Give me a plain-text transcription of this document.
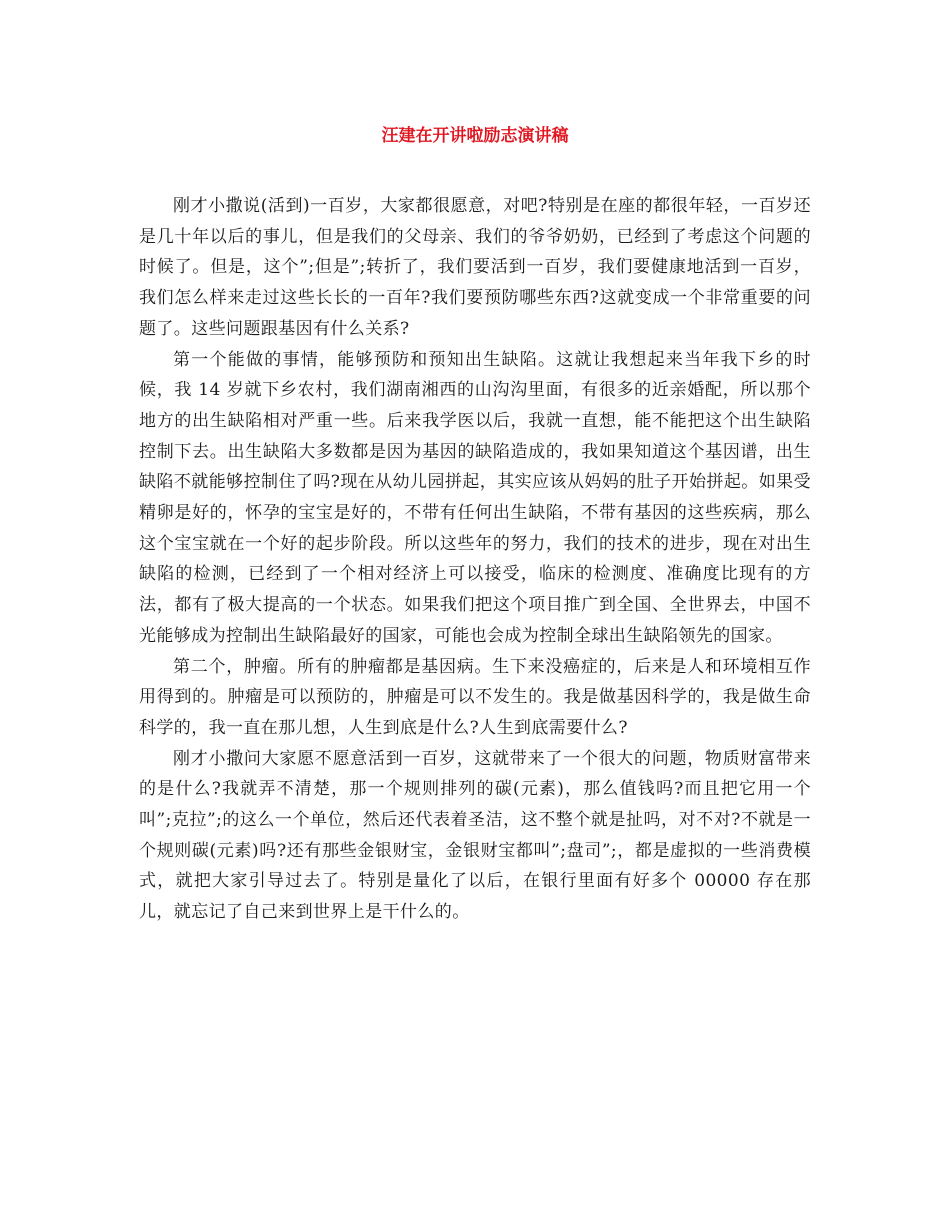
汪建在开讲啦励志演讲稿

刚才小撒说(活到)一百岁，大家都很愿意，对吧?特别是在座的都很年轻，一百岁还是几十年以后的事儿，但是我们的父母亲、我们的爷爷奶奶，已经到了考虑这个问题的时候了。但是，这个”;但是”;转折了，我们要活到一百岁，我们要健康地活到一百岁，我们怎么样来走过这些长长的一百年?我们要预防哪些东西?这就变成一个非常重要的问题了。这些问题跟基因有什么关系?

第一个能做的事情，能够预防和预知出生缺陷。这就让我想起来当年我下乡的时候，我 14 岁就下乡农村，我们湖南湘西的山沟沟里面，有很多的近亲婚配，所以那个地方的出生缺陷相对严重一些。后来我学医以后，我就一直想，能不能把这个出生缺陷控制下去。出生缺陷大多数都是因为基因的缺陷造成的，我如果知道这个基因谱，出生缺陷不就能够控制住了吗?现在从幼儿园拼起，其实应该从妈妈的肚子开始拼起。如果受精卵是好的，怀孕的宝宝是好的，不带有任何出生缺陷，不带有基因的这些疾病，那么这个宝宝就在一个好的起步阶段。所以这些年的努力，我们的技术的进步，现在对出生缺陷的检测，已经到了一个相对经济上可以接受，临床的检测度、准确度比现有的方法，都有了极大提高的一个状态。如果我们把这个项目推广到全国、全世界去，中国不光能够成为控制出生缺陷最好的国家，可能也会成为控制全球出生缺陷领先的国家。

第二个，肿瘤。所有的肿瘤都是基因病。生下来没癌症的，后来是人和环境相互作用得到的。肿瘤是可以预防的，肿瘤是可以不发生的。我是做基因科学的，我是做生命科学的，我一直在那儿想，人生到底是什么?人生到底需要什么?

刚才小撒问大家愿不愿意活到一百岁，这就带来了一个很大的问题，物质财富带来的是什么?我就弄不清楚，那一个规则排列的碳(元素)，那么值钱吗?而且把它用一个叫”;克拉”;的这么一个单位，然后还代表着圣洁，这不整个就是扯吗，对不对?不就是一个规则碳(元素)吗?还有那些金银财宝，金银财宝都叫”;盘司”;，都是虚拟的一些消费模式，就把大家引导过去了。特别是量化了以后，在银行里面有好多个 00000 存在那儿，就忘记了自己来到世界上是干什么的。
